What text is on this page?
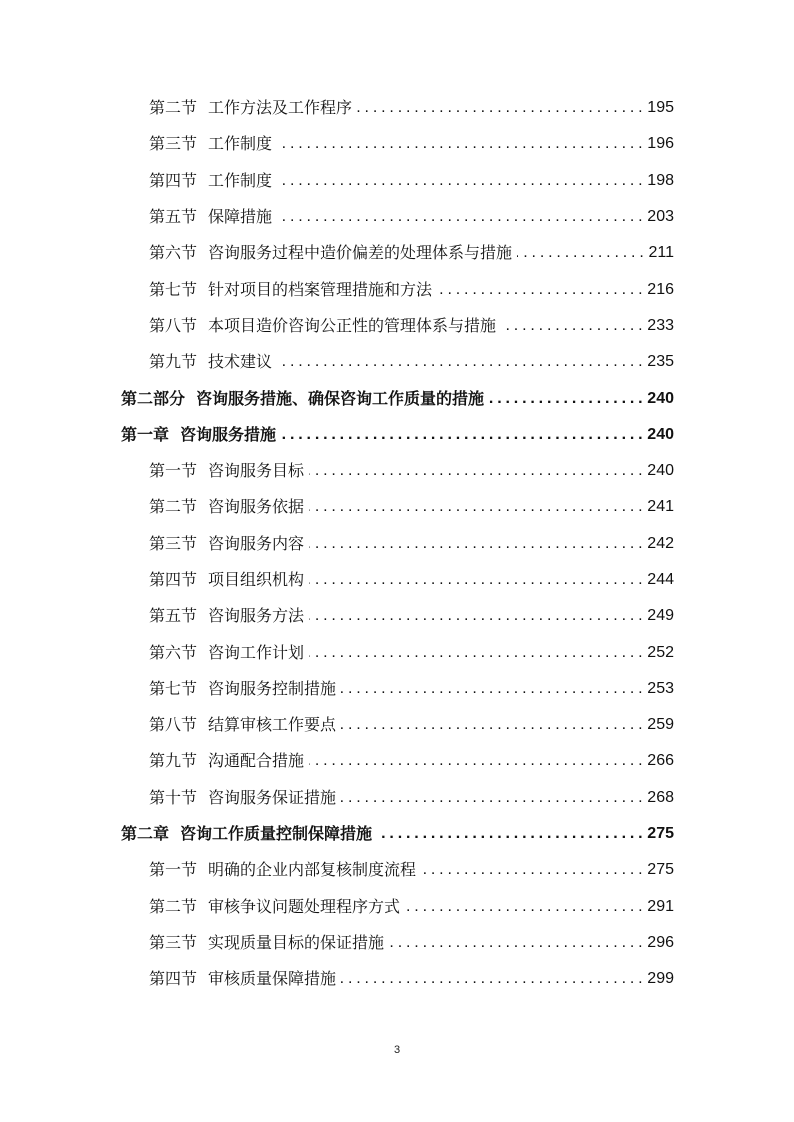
第二节 工作方法及工作程序 . . .	195
第三节 工作制度 . . .	196
第四节 工作制度 . . .	198
第五节 保障措施 . . .	203
第六节 咨询服务过程中造价偏差的处理体系与措施 . . .	211
第七节 针对项目的档案管理措施和方法 . . .	216
第八节 本项目造价咨询公正性的管理体系与措施 . . .	233
第九节 技术建议 . . .	235
第二部分 咨询服务措施、确保咨询工作质量的措施 . . .	240
第一章 咨询服务措施 . . .	240
第一节 咨询服务目标 . . .	240
第二节 咨询服务依据 . . .	241
第三节 咨询服务内容 . . .	242
第四节 项目组织机构 . . .	244
第五节 咨询服务方法 . . .	249
第六节 咨询工作计划 . . .	252
第七节 咨询服务控制措施 . . .	253
第八节 结算审核工作要点 . . .	259
第九节 沟通配合措施 . . .	266
第十节 咨询服务保证措施 . . .	268
第二章 咨询工作质量控制保障措施 . . .	275
第一节 明确的企业内部复核制度流程 . . .	275
第二节 审核争议问题处理程序方式 . . .	291
第三节 实现质量目标的保证措施 . . .	296
第四节 审核质量保障措施 . . .	299
3
